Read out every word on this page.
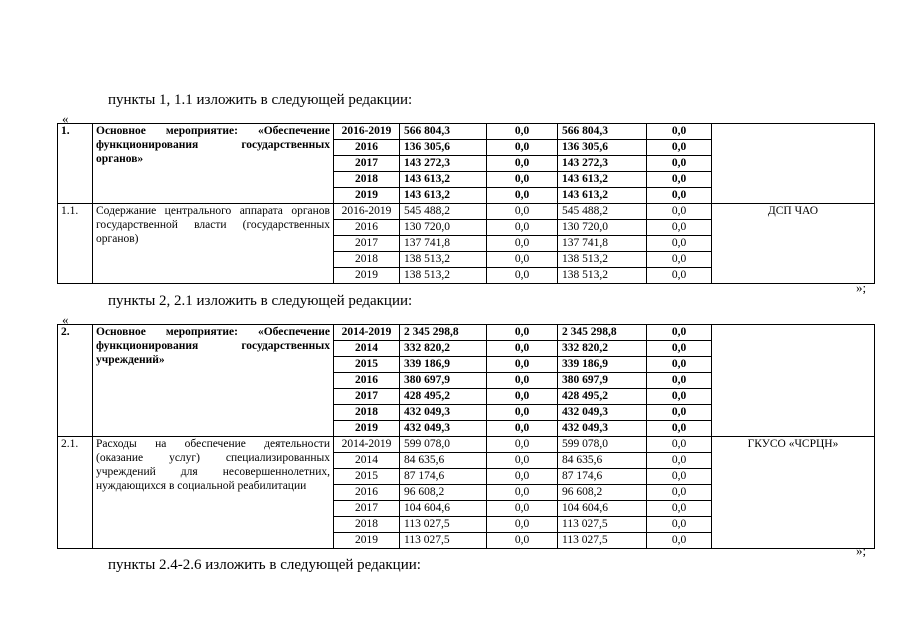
пункты 1, 1.1 изложить в следующей редакции:
«
1.	Основное мероприятие: «Обеспечение функционирования государственных органов»	2016-2019	566 804,3	0,0	566 804,3	0,0	
		2016	136 305,6	0,0	136 305,6	0,0	
		2017	143 272,3	0,0	143 272,3	0,0	
		2018	143 613,2	0,0	143 613,2	0,0	
		2019	143 613,2	0,0	143 613,2	0,0	
1.1.	Содержание центрального аппарата органов государственной власти (государственных органов)	2016-2019	545 488,2	0,0	545 488,2	0,0	ДСП ЧАО
		2016	130 720,0	0,0	130 720,0	0,0	
		2017	137 741,8	0,0	137 741,8	0,0	
		2018	138 513,2	0,0	138 513,2	0,0	
		2019	138 513,2	0,0	138 513,2	0,0	
»;
пункты 2, 2.1 изложить в следующей редакции:
«
2.	Основное мероприятие: «Обеспечение функционирования государственных учреждений»	2014-2019	2 345 298,8	0,0	2 345 298,8	0,0	
		2014	332 820,2	0,0	332 820,2	0,0	
		2015	339 186,9	0,0	339 186,9	0,0	
		2016	380 697,9	0,0	380 697,9	0,0	
		2017	428 495,2	0,0	428 495,2	0,0	
		2018	432 049,3	0,0	432 049,3	0,0	
		2019	432 049,3	0,0	432 049,3	0,0	
2.1.	Расходы на обеспечение деятельности (оказание услуг) специализированных учреждений для несовершеннолетних, нуждающихся в социальной реабилитации	2014-2019	599 078,0	0,0	599 078,0	0,0	ГКУСО «ЧСРЦН»
		2014	84 635,6	0,0	84 635,6	0,0	
		2015	87 174,6	0,0	87 174,6	0,0	
		2016	96 608,2	0,0	96 608,2	0,0	
		2017	104 604,6	0,0	104 604,6	0,0	
		2018	113 027,5	0,0	113 027,5	0,0	
		2019	113 027,5	0,0	113 027,5	0,0	
»;
пункты 2.4-2.6 изложить в следующей редакции:
